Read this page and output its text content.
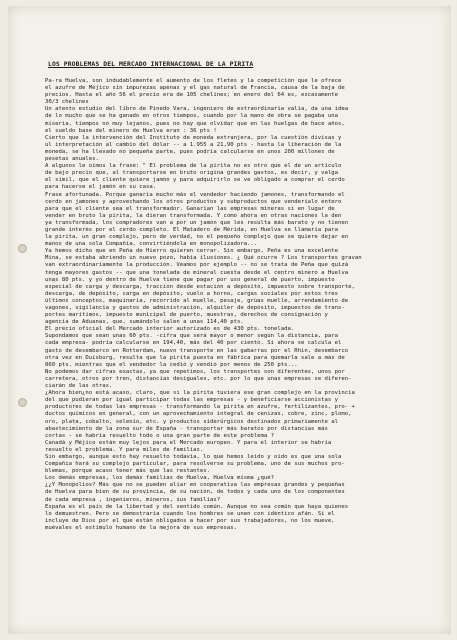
LOS PROBLEMAS DEL MERCADO INTERNACIONAL DE LA PIRITA
Pa-ra Huelva, son indudablemente el aumento de los fletes y la competición que le ofrece
el azufre de Méjico sin impurezas apenas y el gas natural de Francia, causa de la baja de
precios. Hasta el año 56 el precio era de 105 chelines; en enero del 64 es, escasamente
30/3 chelines
Un atento estudio del libro de Pinedo Vara, ingeniero de extraordinaria valía, da una idea
de lo mucho que se ha ganado en otros tiempos, cuando por la mano de obra se pagaba una
miseria, tiempos no muy lejanos, pues no hay que olvidar que en las huelgas de hace años,
el sueldo base del minero de Huelva eran : 36 pts !
Cierto que la intervención del Instituto de moneda extranjera, por la cuestión divisas y
ul interpretación al cambio del dólar -- a 1.955 a 21,90 pts - hasta la liberación de la
moneda, se ha llevado no pequeña parte, pues podría calcularse en unos 200 millones de
pesetas anuales.
A algunos le oímos la frase: " El problema de la pirita no es otro que el de un artículo
de bajo precio que, al transportarse en bruto origina grandes gastos, es decir, y valga
el símil, que el cliente quiere jamón y para adquirirlo se ve obligado a comprar el cerdo
para hacerse el jamón en su casa.
Frase afortunada. Porque ganaría mucho más el vendedor haciendo jamones, transformando el
cerdo en jamones y aprovechando los otros productos y subproductos que venderíalo entero
para que el cliente sea el transformador. Ganarían las empresas mineras si en lugar de
vender en bruto la pirita, la dieran transformada. Y como ahora en otras naciones la den
ya transformada, los compradores van a por un jamón que les resulta más barato y no tienen
grande interés por el cerdo completo. El Matadero de Mérida, en Huelva se llamaría para
la pirita, un gran complejo, pero de verdad, no el pequeño complejo que se quiere dejar en
manos de una sola Compañía, convirtiéndola en monopolizadora...
Ya hemos dicho que en Peña de Hierro quieren cerrar. Sin embargo, Peña es una excelente
Mina, se estaba abriendo un nuevo pozo, había ilusiones. ¿ Qué ocurre ? Los transportes gravan
van extraordinariamente la producción. Veamos por ejemplo -- no se trata de Peña que quizá
tenga mayores gastos -- que una tonelada de mineral cuesta desde el centro minero a Huelva
unas 80 pts. y yo dentro de Huelva tiene que pagar por uso general de puerto, impuesto
especial de carga y descarga, tracción desde estación a depósito, impuesto sobre transporte,
descarga, de depósito, carga en depósito, vuelo a horno, cargas sociales por estos tres
últimos conceptos, maquinaria, recorrido al muelle, pesaje, grúas muelle, arrendamiento de
vagones, vigilancia y gastos de administración, alquiler de depósito, impuestos de trans-
portes marítimos, impuesto municipal de puerto, muestras, derechos de consignación y
agencia de Aduanas, que, sumándolo salen a unas 114,40 pts.
El precio oficial del Mercado interior autorizado es de 430 pts. tonelada.
Supondamos que sean unas 60 pts. -cifra que será mayor o menor según la distancia, para
cada empresa- podría calcularse en 194,40, más del 40 por ciento. Si ahora se calcula el
gasto de desembarco en Rotterdam, nuevo transporte en las gabarras por el Rhin, desembarco
otra vez en Duisburg, resulta que la pirita puesta en fábrica para quemarla sale a más de
860 pts. mientras que el vendedor la cedió y vendió por menos de 250 pts...
No podemos dar cifras exactas, ya que repetimos, los transportes son diferentes, unos por
carretera, otros por tren, distancias desiguales, etc. por lo que unas empresas se diferen-
ciarán de las otras.
¿Ahora bien¿no está acaso, claro, que si la pirita tuviera ese gran complejo en la provincia
del que pudieran por igual participar todas las empresas - y beneficiarse accionistas y
productores de todas las empresas - transformando la pirita en azufre, fertilizantes, pro- +
ductos químicos en general, con un aprovechamiento integral de cenizas, cobre, zinc, plomo,
oro, plata, cobalto, selenio, etc. y productos siderúrgicos destinados primariamente al
abastecimiento de la zona sur de España - transportar más baratos por distancias más
cortas - se habría resuelto todo o una gran parte de este problema ?
Canadá y Méjico están muy lejos para el Mercado europeo. Y para el interior se habría
resuelto el problema. Y para miles de familias.
Sin embargo, aunque esto hay resuelto todavía, lo que hemos leído y oído es que una sola
Compañía hará su complejo particular, para resolverse su problema, uno de sus muchos pro-
blemas, porque acaso tener más que las restantes.
Los demás empresas, los demás familias de Huelva, Huelva misma ¿qué?
¿¿Y Monopolios? Más que no se pueden aliar en cooperativa las empresas grandes y pequeñas
de Huelva para bien de su provincia, de su nación, de todos y cada uno de los componentes
de cada empresa , ingenieros, mineros, sus familias?
España es el país de la libertad y del sentido común. Aunque no sea común que haya quienes
lo demuestren. Pero se demostraría cuando los hombres se unen con idéntico afán. Si el
incluye de Dios por el que están obligados a hacer por sus trabajadores, no los mueve,
muévales el estímulo humano de la mejora de sus empresas.
